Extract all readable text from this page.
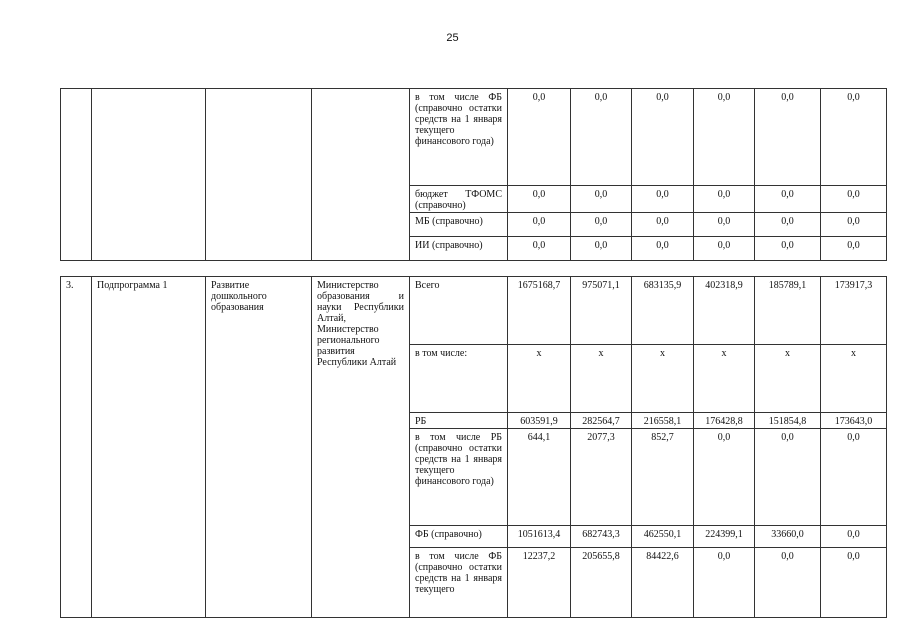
25
				в том числе ФБ (справочно остатки средств на 1 января текущего финансового года)	0,0	0,0	0,0	0,0	0,0	0,0
				бюджет ТФОМС (справочно)	0,0	0,0	0,0	0,0	0,0	0,0
				МБ (справочно)	0,0	0,0	0,0	0,0	0,0	0,0
				ИИ (справочно)	0,0	0,0	0,0	0,0	0,0	0,0

3.	Подпрограмма 1	Развитие дошкольного образования	Министерство образования и науки Республики Алтай, Министерство регионального развития Республики Алтай	Всего	1675168,7	975071,1	683135,9	402318,9	185789,1	173917,3
				в том числе:	х	х	х	х	х	х
				РБ	603591,9	282564,7	216558,1	176428,8	151854,8	173643,0
				в том числе РБ (справочно остатки средств на 1 января текущего финансового года)	644,1	2077,3	852,7	0,0	0,0	0,0
				ФБ (справочно)	1051613,4	682743,3	462550,1	224399,1	33660,0	0,0
				в том числе ФБ (справочно остатки средств на 1 января текущего	12237,2	205655,8	84422,6	0,0	0,0	0,0
